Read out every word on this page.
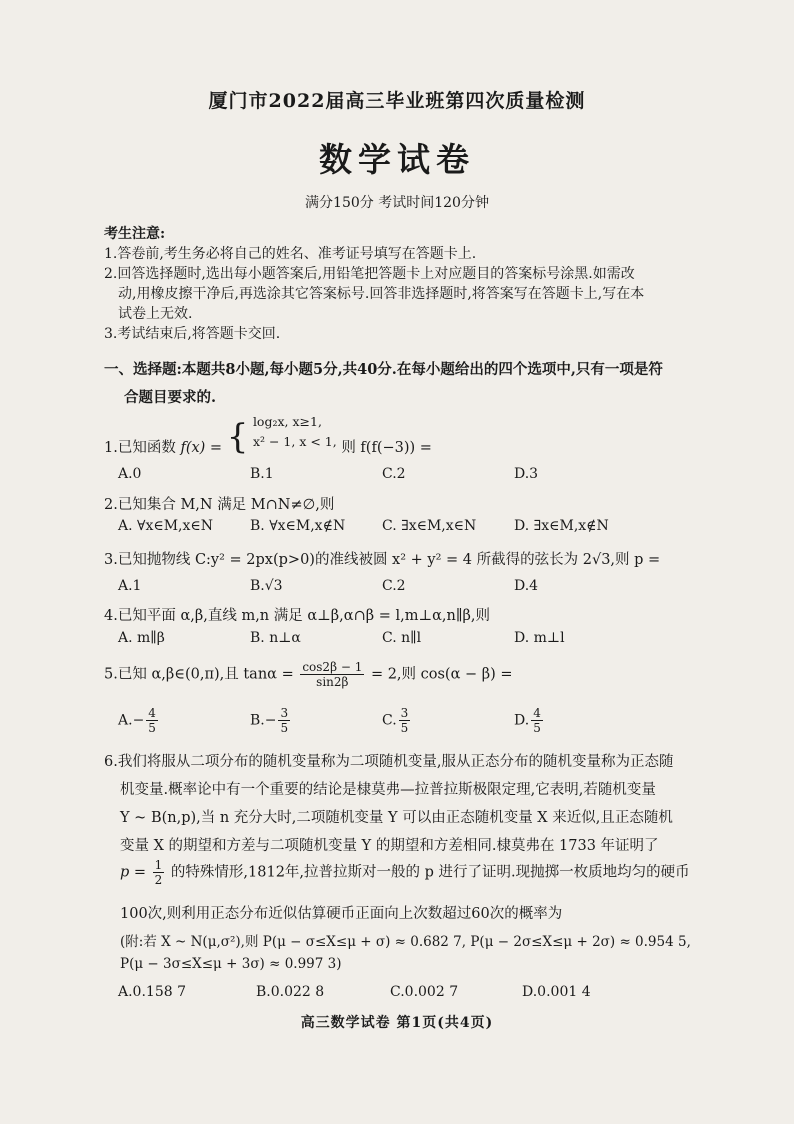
厦门市2022届高三毕业班第四次质量检测
数学试卷
满分150分 考试时间120分钟
考生注意:
1.答卷前,考生务必将自己的姓名、准考证号填写在答题卡上.
2.回答选择题时,选出每小题答案后,用铅笔把答题卡上对应题目的答案标号涂黑.如需改
动,用橡皮擦干净后,再选涂其它答案标号.回答非选择题时,将答案写在答题卡上,写在本
试卷上无效.
3.考试结束后,将答题卡交回.
一、选择题:本题共8小题,每小题5分,共40分.在每小题给出的四个选项中,只有一项是符
合题目要求的.
1.已知函数 f(x) = { log₂x, x≥1,
x² − 1, x < 1, 则 f(f(−3)) =
A.0	B.1	C.2	D.3
2.已知集合 M,N 满足 M∩N≠∅,则
A. ∀x∈M,x∈N	B. ∀x∈M,x∉N	C. ∃x∈M,x∈N	D. ∃x∈M,x∉N
3.已知抛物线 C:y² = 2px(p>0)的准线被圆 x² + y² = 4 所截得的弦长为 2√3,则 p =
A.1	B.√3	C.2	D.4
4.已知平面 α,β,直线 m,n 满足 α⊥β,α∩β = l,m⊥α,n∥β,则
A. m∥β	B. n⊥α	C. n∥l	D. m⊥l
5.已知 α,β∈(0,π),且 $\tan\alpha = \frac{\cos 2\beta - 1}{\sin 2\beta} = 2$,则 cos(α − β) =
$A.- \frac{4}{5}$	$B.- \frac{3}{5}$	C. $\frac{3}{5}$	D. $\frac{4}{5}$
6.我们将服从二项分布的随机变量称为二项随机变量,服从正态分布的随机变量称为正态随
机变量.概率论中有一个重要的结论是棣莫弗—拉普拉斯极限定理,它表明,若随机变量
Y ~ B(n,p),当 n 充分大时,二项随机变量 Y 可以由正态随机变量 X 来近似,且正态随机
变量 X 的期望和方差与二项随机变量 Y 的期望和方差相同.棣莫弗在 1733 年证明了
$p = \frac{1}{2}$ 的特殊情形,1812年,拉普拉斯对一般的 p 进行了证明.现抛掷一枚质地均匀的硬币
100次,则利用正态分布近似估算硬币正面向上次数超过60次的概率为
(附:若 X ~ N(μ,σ²),则 P(μ − σ≤X≤μ + σ) ≈ 0.682 7, P(μ − 2σ≤X≤μ + 2σ) ≈ 0.954 5,
P(μ − 3σ≤X≤μ + 3σ) ≈ 0.997 3)
A.0.158 7	B.0.022 8	C.0.002 7	D.0.001 4
高三数学试卷 第1页(共4页)
